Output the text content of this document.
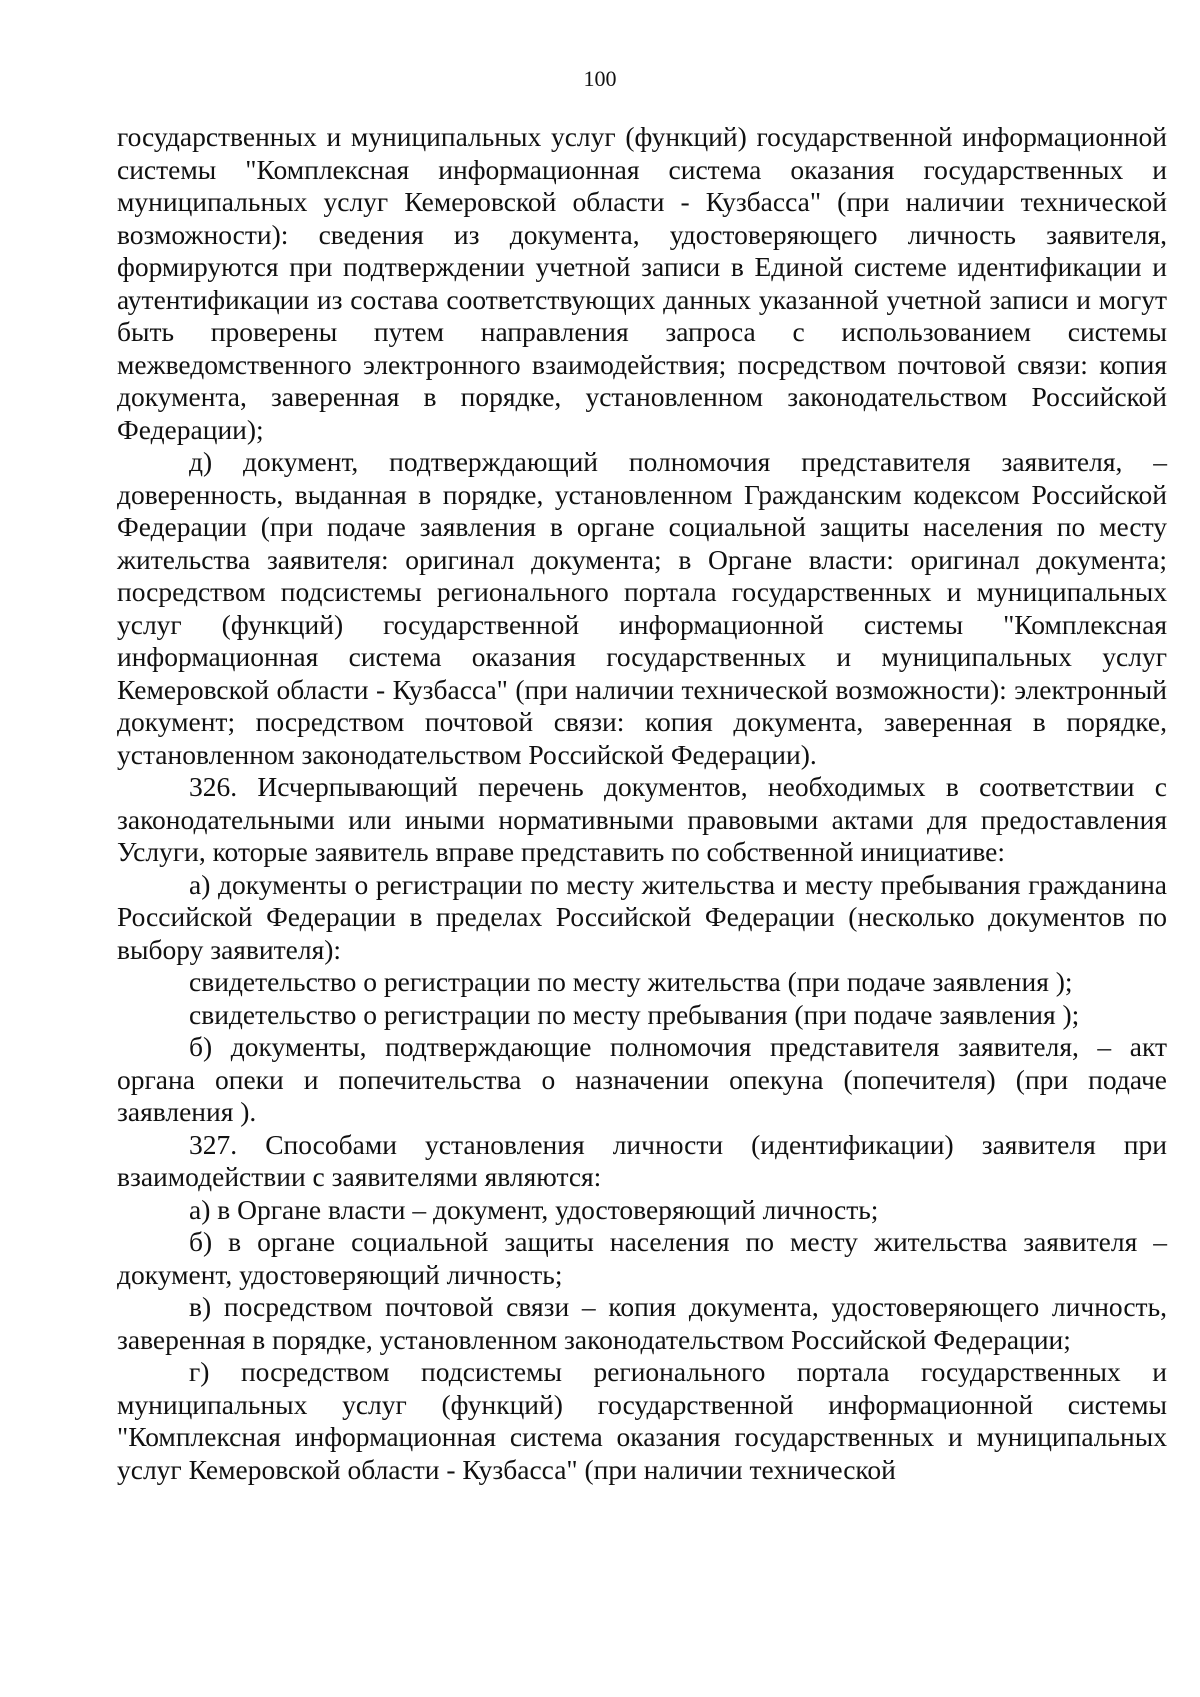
100

государственных и муниципальных услуг (функций) государственной информационной системы "Комплексная информационная система оказания государственных и муниципальных услуг Кемеровской области - Кузбасса" (при наличии технической возможности): сведения из документа, удостоверяющего личность заявителя, формируются при подтверждении учетной записи в Единой системе идентификации и аутентификации из состава соответствующих данных указанной учетной записи и могут быть проверены путем направления запроса с использованием системы межведомственного электронного взаимодействия; посредством почтовой связи: копия документа, заверенная в порядке, установленном законодательством Российской Федерации);

д) документ, подтверждающий полномочия представителя заявителя, – доверенность, выданная в порядке, установленном Гражданским кодексом Российской Федерации (при подаче заявления в органе социальной защиты населения по месту жительства заявителя: оригинал документа; в Органе власти: оригинал документа; посредством подсистемы регионального портала государственных и муниципальных услуг (функций) государственной информационной системы "Комплексная информационная система оказания государственных и муниципальных услуг Кемеровской области - Кузбасса" (при наличии технической возможности): электронный документ; посредством почтовой связи: копия документа, заверенная в порядке, установленном законодательством Российской Федерации).

326. Исчерпывающий перечень документов, необходимых в соответствии с законодательными или иными нормативными правовыми актами для предоставления Услуги, которые заявитель вправе представить по собственной инициативе:

а) документы о регистрации по месту жительства и месту пребывания гражданина Российской Федерации в пределах Российской Федерации (несколько документов по выбору заявителя):

свидетельство о регистрации по месту жительства (при подаче заявления );

свидетельство о регистрации по месту пребывания (при подаче заявления );

б) документы, подтверждающие полномочия представителя заявителя, – акт органа опеки и попечительства о назначении опекуна (попечителя) (при подаче заявления ).

327. Способами установления личности (идентификации) заявителя при взаимодействии с заявителями являются:

а) в Органе власти – документ, удостоверяющий личность;

б) в органе социальной защиты населения по месту жительства заявителя – документ, удостоверяющий личность;

в) посредством почтовой связи – копия документа, удостоверяющего личность, заверенная в порядке, установленном законодательством Российской Федерации;

г) посредством подсистемы регионального портала государственных и муниципальных услуг (функций) государственной информационной системы "Комплексная информационная система оказания государственных и муниципальных услуг Кемеровской области - Кузбасса" (при наличии технической
